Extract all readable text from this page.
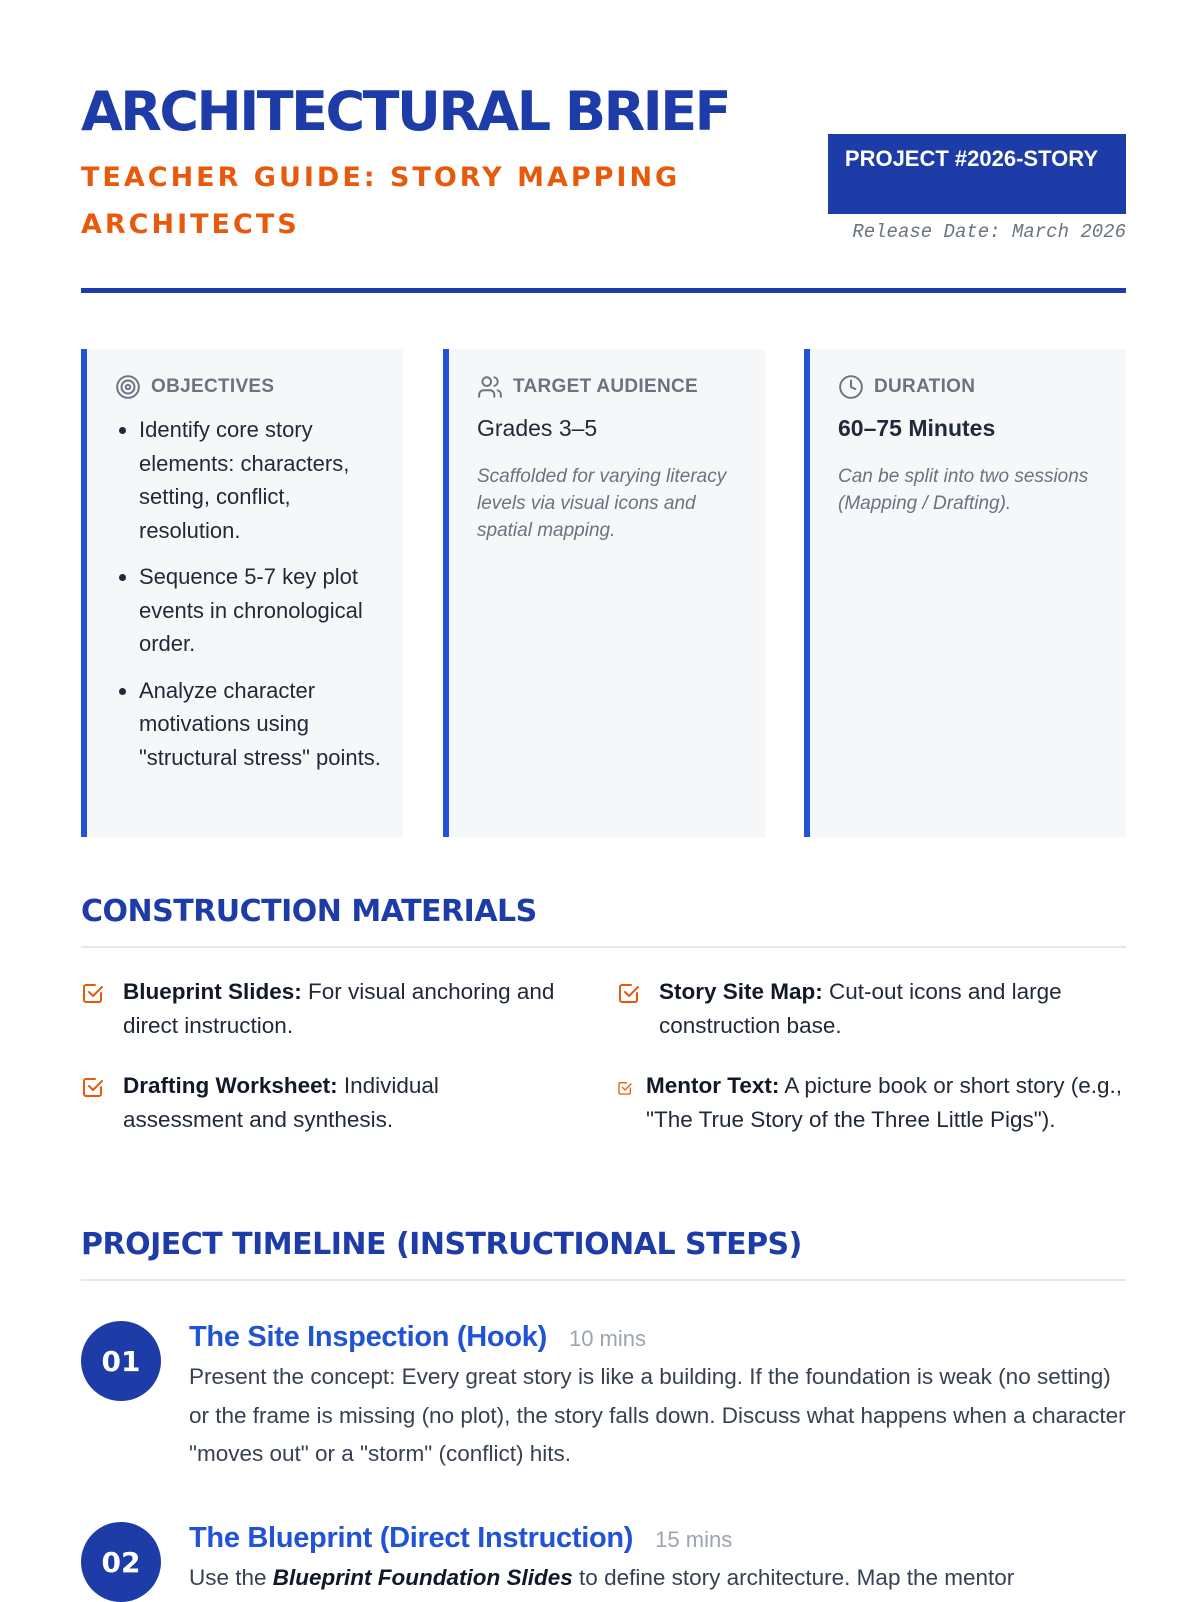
ARCHITECTURAL BRIEF
TEACHER GUIDE: STORY MAPPING ARCHITECTS
PROJECT #2026-STORY
Release Date: March 2026
OBJECTIVES
• Identify core story elements: characters, setting, conflict, resolution.
• Sequence 5-7 key plot events in chronological order.
• Analyze character motivations using "structural stress" points.
TARGET AUDIENCE
Grades 3–5
Scaffolded for varying literacy levels via visual icons and spatial mapping.
DURATION
60–75 Minutes
Can be split into two sessions (Mapping / Drafting).
CONSTRUCTION MATERIALS
Blueprint Slides: For visual anchoring and direct instruction.
Story Site Map: Cut-out icons and large construction base.
Drafting Worksheet: Individual assessment and synthesis.
Mentor Text: A picture book or short story (e.g., "The True Story of the Three Little Pigs").
PROJECT TIMELINE (INSTRUCTIONAL STEPS)
01
The Site Inspection (Hook) 10 mins
Present the concept: Every great story is like a building. If the foundation is weak (no setting) or the frame is missing (no plot), the story falls down. Discuss what happens when a character "moves out" or a "storm" (conflict) hits.
02
The Blueprint (Direct Instruction) 15 mins
Use the Blueprint Foundation Slides to define story architecture. Map the mentor
